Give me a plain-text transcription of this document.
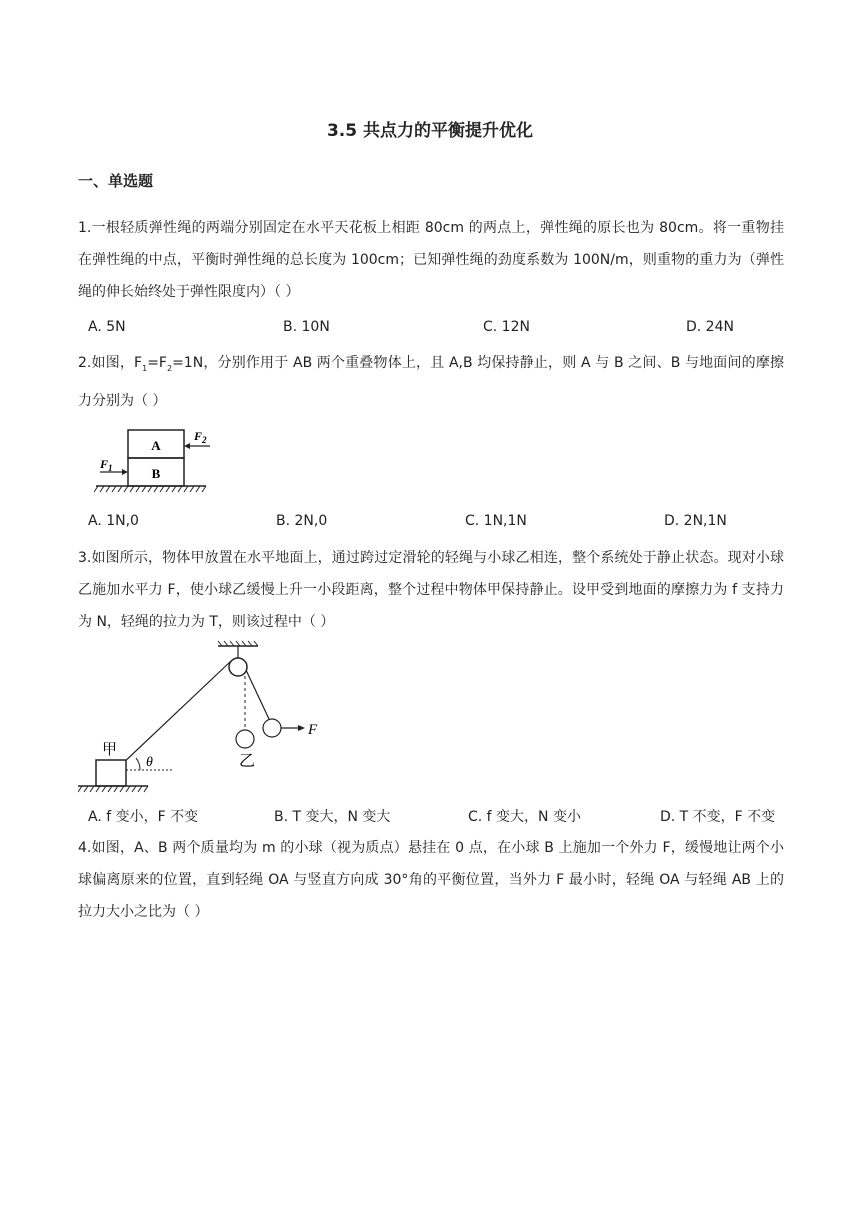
3.5 共点力的平衡提升优化
一、单选题
1.一根轻质弹性绳的两端分别固定在水平天花板上相距 80cm 的两点上，弹性绳的原长也为 80cm。将一重物挂在弹性绳的中点，平衡时弹性绳的总长度为 100cm；已知弹性绳的劲度系数为 100N/m，则重物的重力为（弹性绳的伸长始终处于弹性限度内）（ ）
A. 5N	B. 10N	C. 12N	D. 24N
2.如图，$F_1=F_2=1N$，分别作用于 AB 两个重叠物体上，且 A,B 均保持静止，则 A 与 B 之间、B 与地面间的摩擦力分别为（ ）
A
B
$F_1$
$F_2$
A. 1N,0	B. 2N,0	C. 1N,1N	D. 2N,1N
3.如图所示，物体甲放置在水平地面上，通过跨过定滑轮的轻绳与小球乙相连，整个系统处于静止状态。现对小球乙施加水平力 F，使小球乙缓慢上升一小段距离，整个过程中物体甲保持静止。设甲受到地面的摩擦力为 f 支持力为 N，轻绳的拉力为 T，则该过程中（ ）
F
乙
甲
θ
A. f 变小，F 不变	B. T 变大，N 变大	C. f 变大，N 变小	D. T 不变，F 不变
4.如图，A、B 两个质量均为 m 的小球（视为质点）悬挂在 0 点，在小球 B 上施加一个外力 F，缓慢地让两个小球偏离原来的位置，直到轻绳 OA 与竖直方向成 30°角的平衡位置，当外力 F 最小时，轻绳 OA 与轻绳 AB 上的拉力大小之比为（ ）
